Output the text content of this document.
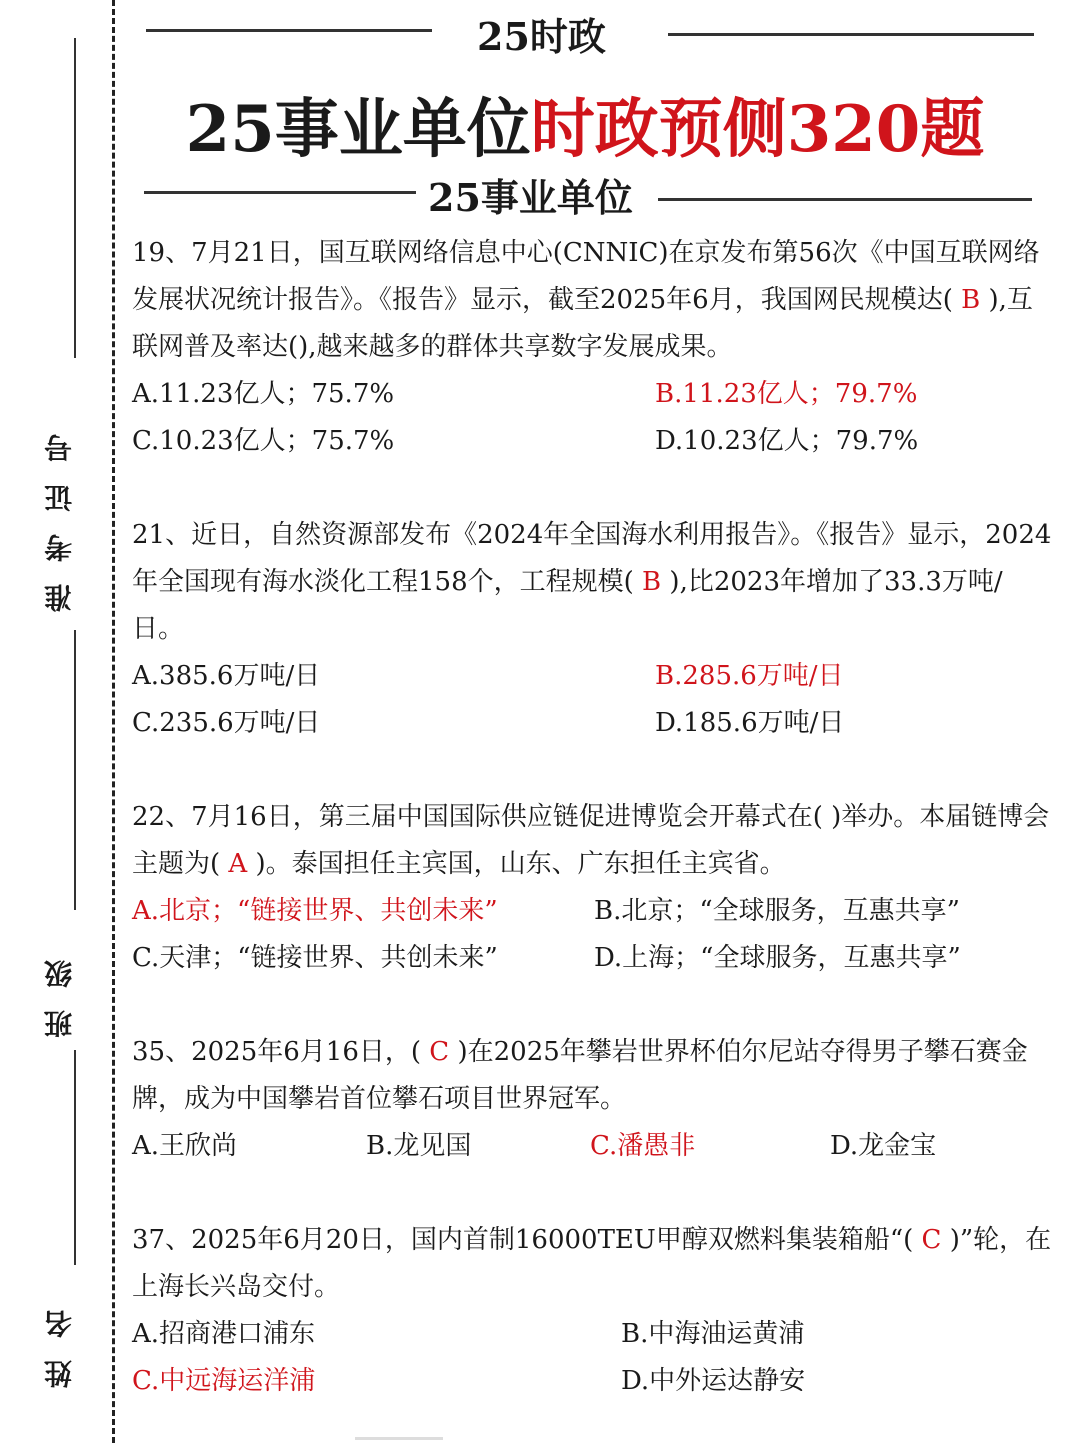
准考证号
班级
姓名
25时政
25事业单位时政预侧320题
25事业单位

19、7月21日，国互联网络信息中心(CNNIC)在京发布第56次《中国互联网络发展状况统计报告》。《报告》显示，截至2025年6月，我国网民规模达( B ),互联网普及率达(),越来越多的群体共享数字发展成果。

A.11.23亿人；75.7%	B.11.23亿人；79.7%
C.10.23亿人；75.7%	D.10.23亿人；79.7%

21、近日，自然资源部发布《2024年全国海水利用报告》。《报告》显示，2024年全国现有海水淡化工程158个，工程规模( B ),比2023年增加了33.3万吨/日。

A.385.6万吨/日	B.285.6万吨/日
C.235.6万吨/日	D.185.6万吨/日

22、7月16日，第三届中国国际供应链促进博览会开幕式在( )举办。本届链博会主题为( A )。泰国担任主宾国，山东、广东担任主宾省。

A.北京；“链接世界、共创未来”	B.北京；“全球服务，互惠共享”
C.天津；“链接世界、共创未来”	D.上海；“全球服务，互惠共享”

35、2025年6月16日，( C )在2025年攀岩世界杯伯尔尼站夺得男子攀石赛金牌，成为中国攀岩首位攀石项目世界冠军。

A.王欣尚	B.龙见国	C.潘愚非	D.龙金宝

37、2025年6月20日，国内首制16000TEU甲醇双燃料集装箱船“( C )”轮，在上海长兴岛交付。

A.招商港口浦东	B.中海油运黄浦
C.中远海运洋浦	D.中外运达静安
